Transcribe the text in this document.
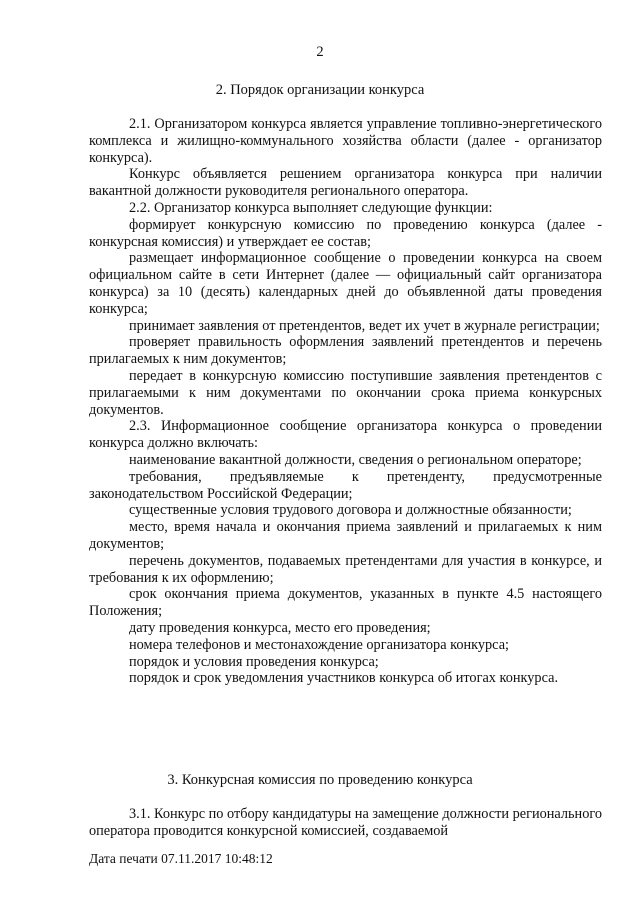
2
2. Порядок организации конкурса

2.1. Организатором конкурса является управление топливно-энергетического комплекса и жилищно-коммунального хозяйства области (далее - организатор конкурса).

Конкурс объявляется решением организатора конкурса при наличии вакантной должности руководителя регионального оператора.

2.2. Организатор конкурса выполняет следующие функции:

формирует конкурсную комиссию по проведению конкурса (далее - конкурсная комиссия) и утверждает ее состав;

размещает информационное сообщение о проведении конкурса на своем официальном сайте в сети Интернет (далее — официальный сайт организатора конкурса) за 10 (десять) календарных дней до объявленной даты проведения конкурса;

принимает заявления от претендентов, ведет их учет в журнале регистрации;

проверяет правильность оформления заявлений претендентов и перечень прилагаемых к ним документов;

передает в конкурсную комиссию поступившие заявления претендентов с прилагаемыми к ним документами по окончании срока приема конкурсных документов.

2.3. Информационное сообщение организатора конкурса о проведении конкурса должно включать:

наименование вакантной должности, сведения о региональном операторе;

требования, предъявляемые к претенденту, предусмотренные законодательством Российской Федерации;

существенные условия трудового договора и должностные обязанности;

место, время начала и окончания приема заявлений и прилагаемых к ним документов;

перечень документов, подаваемых претендентами для участия в конкурсе, и требования к их оформлению;

срок окончания приема документов, указанных в пункте 4.5 настоящего Положения;

дату проведения конкурса, место его проведения;

номера телефонов и местонахождение организатора конкурса;

порядок и условия проведения конкурса;

порядок и срок уведомления участников конкурса об итогах конкурса.

3. Конкурсная комиссия по проведению конкурса

3.1. Конкурс по отбору кандидатуры на замещение должности регионального оператора проводится конкурсной комиссией, создаваемой

Дата печати 07.11.2017 10:48:12
